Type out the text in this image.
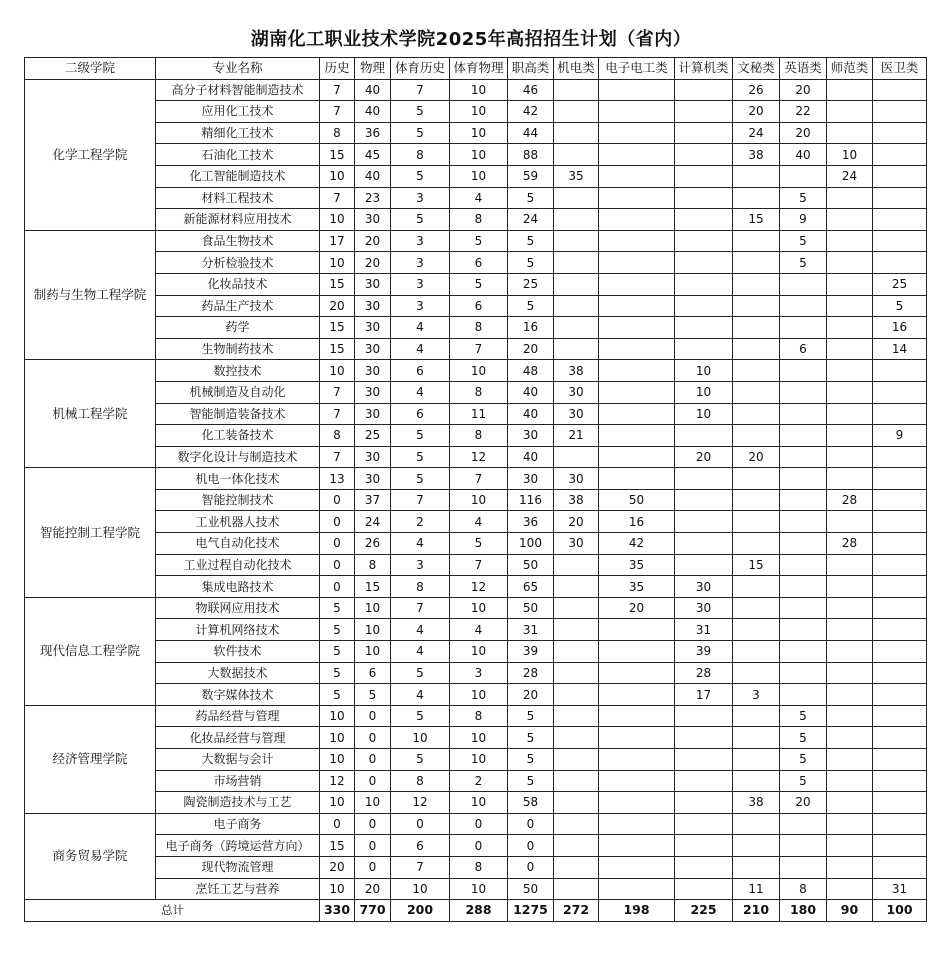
湖南化工职业技术学院2025年高招招生计划（省内）
二级学院	专业名称	历史	物理	体育历史	体育物理	职高类	机电类	电子电工类	计算机类	文秘类	英语类	师范类	医卫类
化学工程学院	高分子材料智能制造技术	7	40	7	10	46				26	20		
	应用化工技术	7	40	5	10	42				20	22		
	精细化工技术	8	36	5	10	44				24	20		
	石油化工技术	15	45	8	10	88				38	40	10	
	化工智能制造技术	10	40	5	10	59	35					24	
	材料工程技术	7	23	3	4	5					5		
	新能源材料应用技术	10	30	5	8	24				15	9		
制药与生物工程学院	食品生物技术	17	20	3	5	5					5		
	分析检验技术	10	20	3	6	5					5		
	化妆品技术	15	30	3	5	25							25
	药品生产技术	20	30	3	6	5							5
	药学	15	30	4	8	16							16
	生物制药技术	15	30	4	7	20					6		14
机械工程学院	数控技术	10	30	6	10	48	38		10				
	机械制造及自动化	7	30	4	8	40	30		10				
	智能制造装备技术	7	30	6	11	40	30		10				
	化工装备技术	8	25	5	8	30	21						9
	数字化设计与制造技术	7	30	5	12	40			20	20			
智能控制工程学院	机电一体化技术	13	30	5	7	30	30						
	智能控制技术	0	37	7	10	116	38	50				28	
	工业机器人技术	0	24	2	4	36	20	16					
	电气自动化技术	0	26	4	5	100	30	42				28	
	工业过程自动化技术	0	8	3	7	50		35		15			
	集成电路技术	0	15	8	12	65		35	30				
现代信息工程学院	物联网应用技术	5	10	7	10	50		20	30				
	计算机网络技术	5	10	4	4	31			31				
	软件技术	5	10	4	10	39			39				
	大数据技术	5	6	5	3	28			28				
	数字媒体技术	5	5	4	10	20			17	3			
经济管理学院	药品经营与管理	10	0	5	8	5					5		
	化妆品经营与管理	10	0	10	10	5					5		
	大数据与会计	10	0	5	10	5					5		
	市场营销	12	0	8	2	5					5		
	陶瓷制造技术与工艺	10	10	12	10	58				38	20		
商务贸易学院	电子商务	0	0	0	0	0							
	电子商务（跨境运营方向）	15	0	6	0	0							
	现代物流管理	20	0	7	8	0							
	烹饪工艺与营养	10	20	10	10	50				11	8		31
总计		330	770	200	288	1275	272	198	225	210	180	90	100
